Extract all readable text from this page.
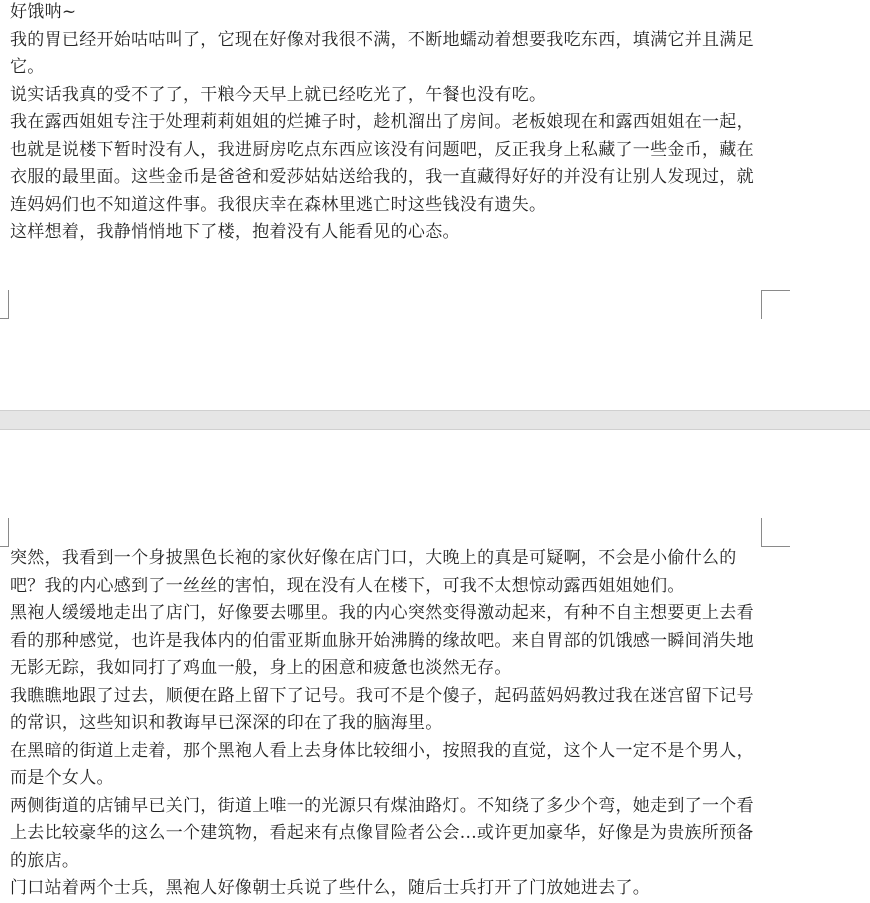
好饿呐~

我的胃已经开始咕咕叫了，它现在好像对我很不满，不断地蠕动着想要我吃东西，填满它并且满足它。

说实话我真的受不了了，干粮今天早上就已经吃光了，午餐也没有吃。

我在露西姐姐专注于处理莉莉姐姐的烂摊子时，趁机溜出了房间。老板娘现在和露西姐姐在一起，也就是说楼下暂时没有人，我进厨房吃点东西应该没有问题吧，反正我身上私藏了一些金币，藏在衣服的最里面。这些金币是爸爸和爱莎姑姑送给我的，我一直藏得好好的并没有让别人发现过，就连妈妈们也不知道这件事。我很庆幸在森林里逃亡时这些钱没有遗失。

这样想着，我静悄悄地下了楼，抱着没有人能看见的心态。

突然，我看到一个身披黑色长袍的家伙好像在店门口，大晚上的真是可疑啊，不会是小偷什么的吧？我的内心感到了一丝丝的害怕，现在没有人在楼下，可我不太想惊动露西姐姐她们。

黑袍人缓缓地走出了店门，好像要去哪里。我的内心突然变得激动起来，有种不自主想要更上去看看的那种感觉，也许是我体内的伯雷亚斯血脉开始沸腾的缘故吧。来自胃部的饥饿感一瞬间消失地无影无踪，我如同打了鸡血一般，身上的困意和疲惫也淡然无存。

我瞧瞧地跟了过去，顺便在路上留下了记号。我可不是个傻子，起码蓝妈妈教过我在迷宫留下记号的常识，这些知识和教诲早已深深的印在了我的脑海里。

在黑暗的街道上走着，那个黑袍人看上去身体比较细小，按照我的直觉，这个人一定不是个男人，而是个女人。

两侧街道的店铺早已关门，街道上唯一的光源只有煤油路灯。不知绕了多少个弯，她走到了一个看上去比较豪华的这么一个建筑物，看起来有点像冒险者公会...或许更加豪华，好像是为贵族所预备的旅店。

门口站着两个士兵，黑袍人好像朝士兵说了些什么，随后士兵打开了门放她进去了。
